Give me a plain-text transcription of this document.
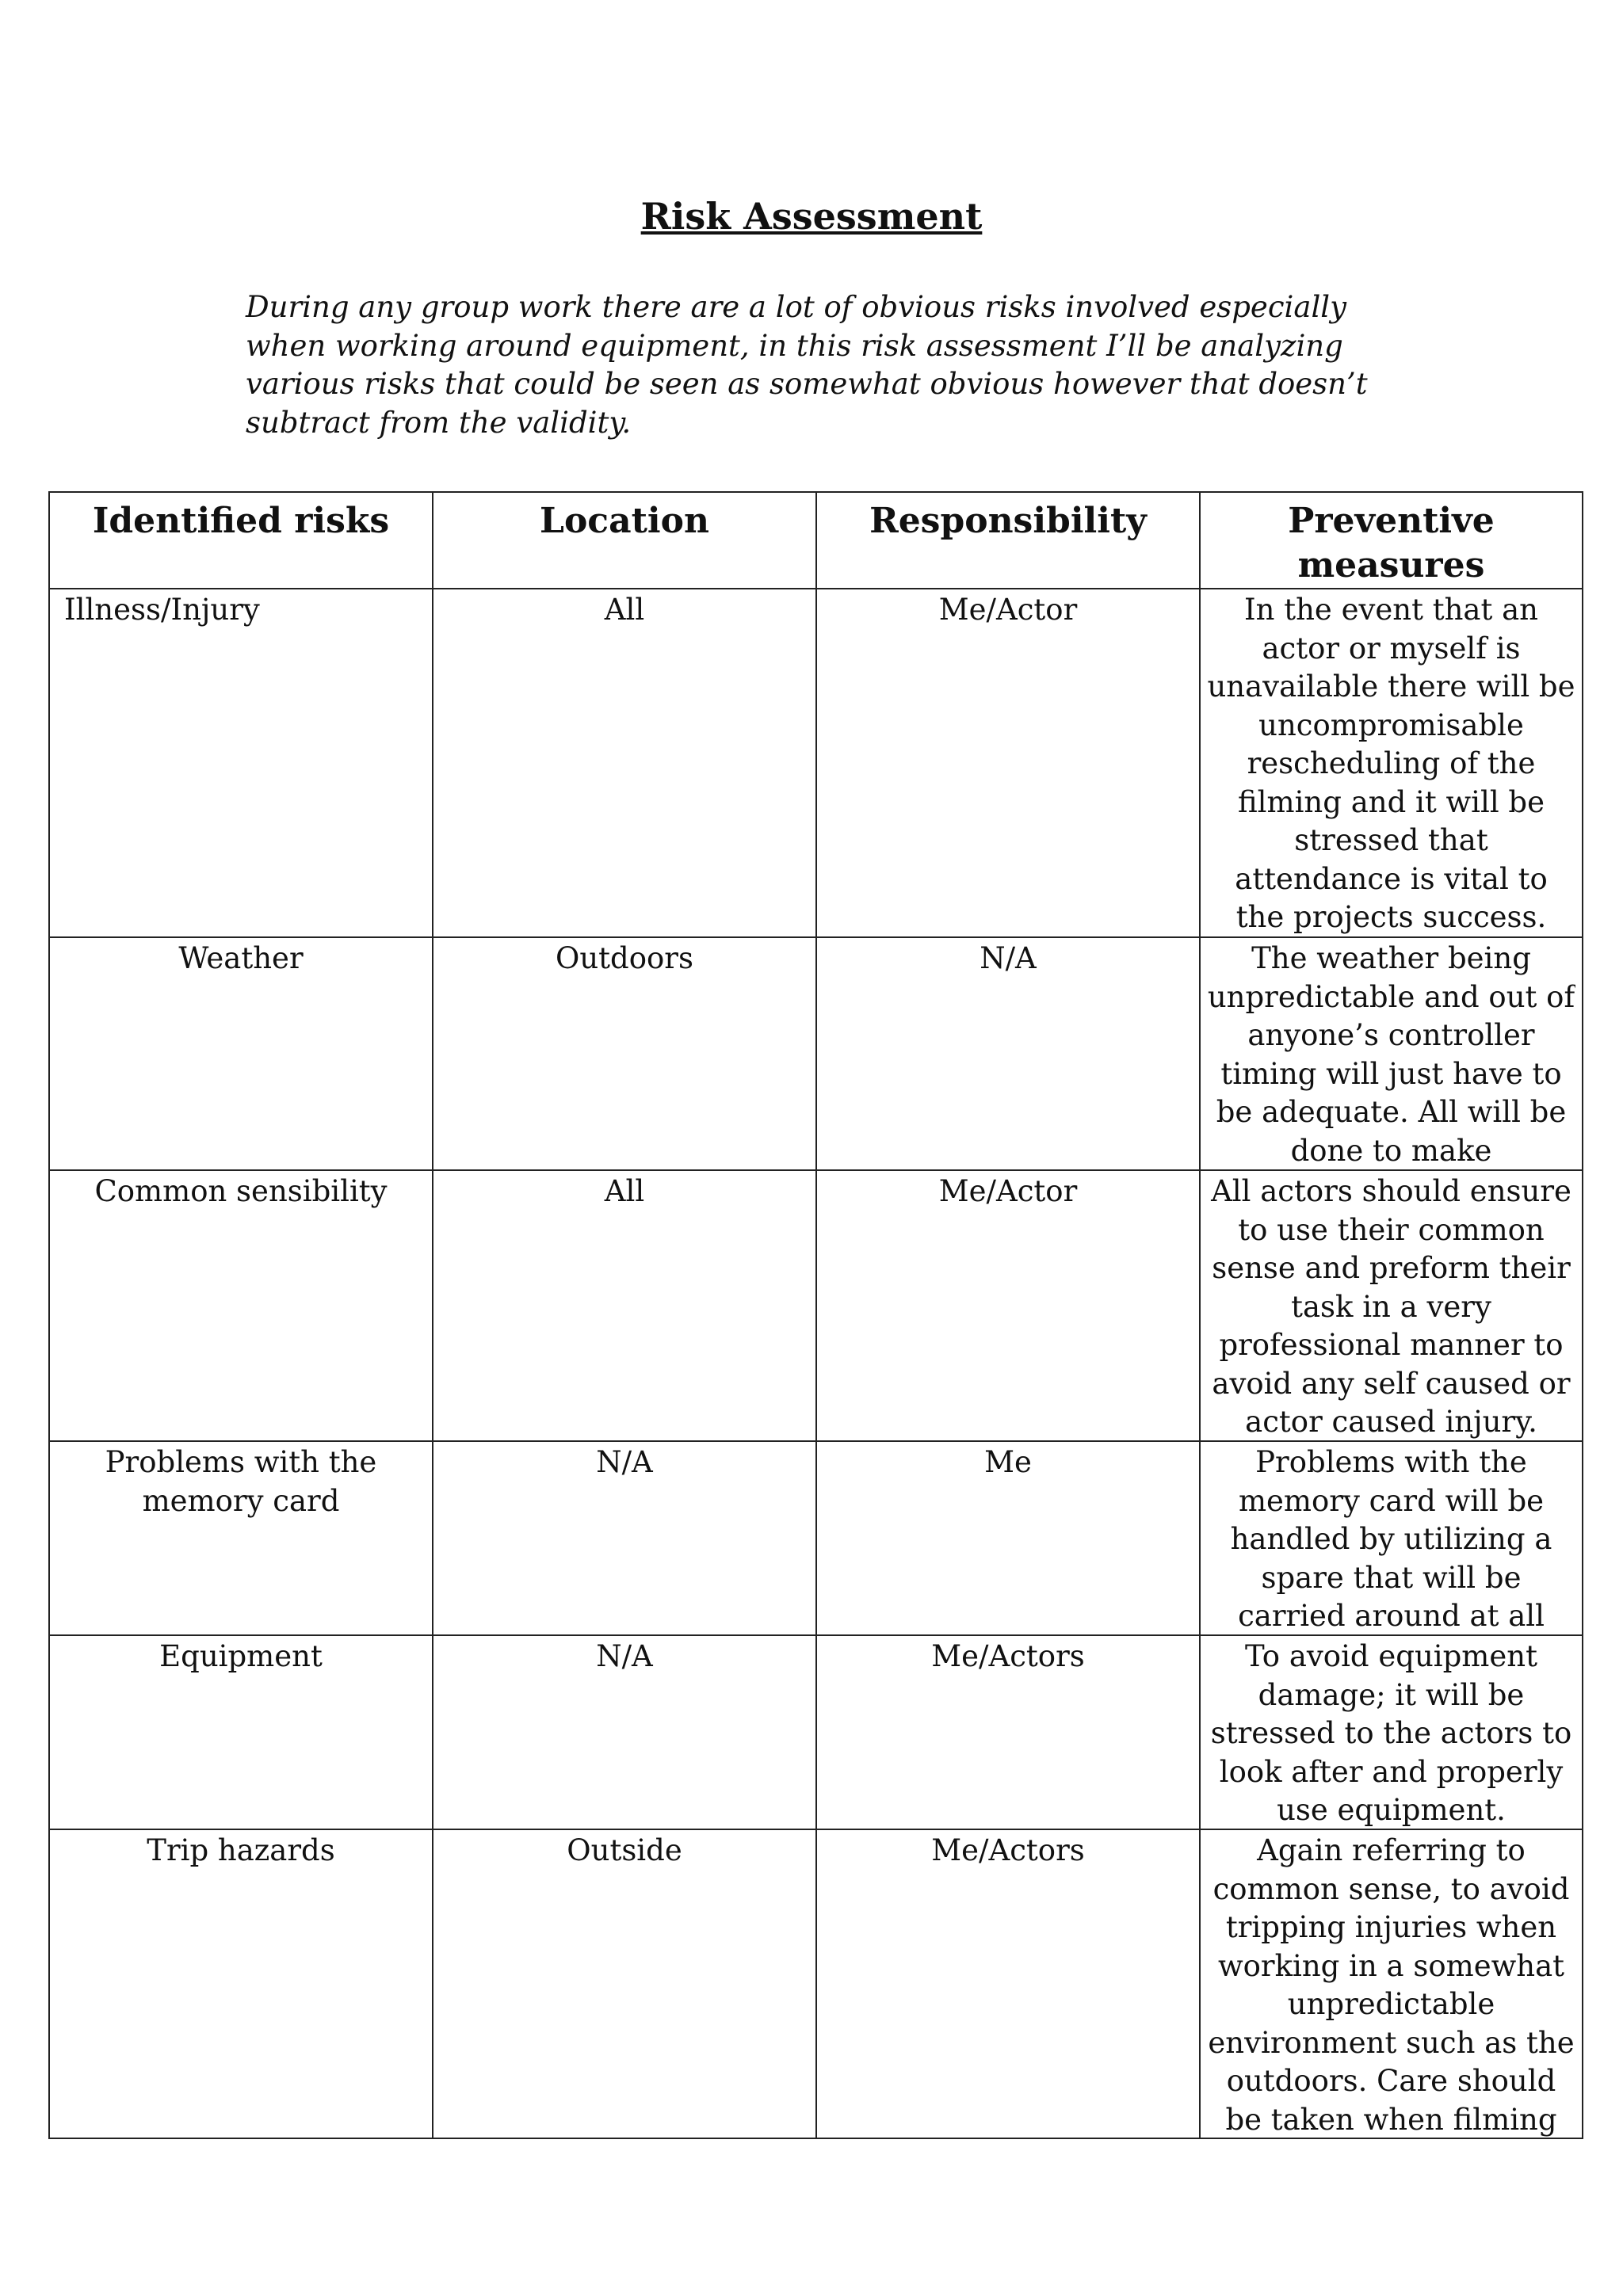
Risk Assessment
During any group work there are a lot of obvious risks involved especially when working around equipment, in this risk assessment I’ll be analyzing various risks that could be seen as somewhat obvious however that doesn’t subtract from the validity.
Identified risks	Location	Responsibility	Preventive measures
Illness/Injury	All	Me/Actor	In the event that an actor or myself is unavailable there will be uncompromisable rescheduling of the filming and it will be stressed that attendance is vital to the projects success.

Weather	Outdoors	N/A	The weather being unpredictable and out of anyone’s controller timing will just have to be adequate. All will be done to make

Common sensibility	All	Me/Actor	All actors should ensure to use their common sense and preform their task in a very professional manner to avoid any self caused or actor caused injury.

Problems with the memory card	N/A	Me	Problems with the memory card will be handled by utilizing a spare that will be carried around at all

Equipment	N/A	Me/Actors	To avoid equipment damage; it will be stressed to the actors to look after and properly use equipment.

Trip hazards	Outside	Me/Actors	Again referring to common sense, to avoid tripping injuries when working in a somewhat unpredictable environment such as the outdoors. Care should be taken when filming
